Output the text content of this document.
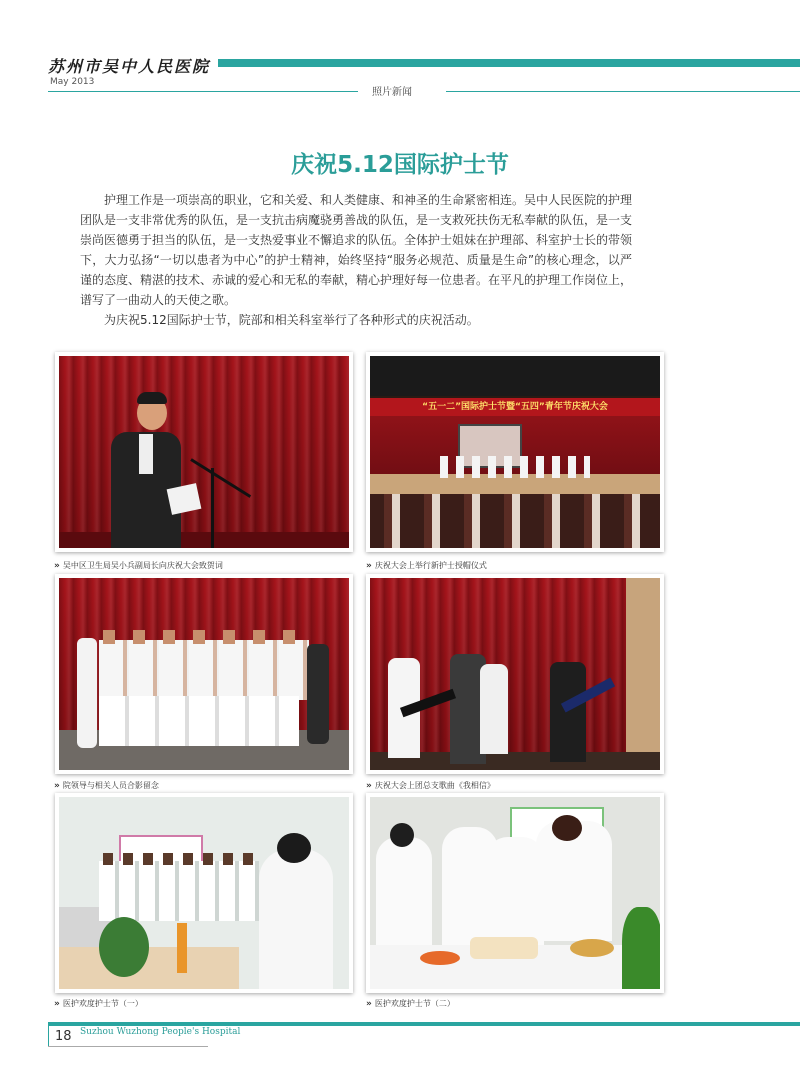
苏州市吴中人民医院
May 2013
照片新闻
庆祝5.12国际护士节

护理工作是一项崇高的职业，它和关爱、和人类健康、和神圣的生命紧密相连。吴中人民医院的护理团队是一支非常优秀的队伍，是一支抗击病魔骁勇善战的队伍，是一支救死扶伤无私奉献的队伍，是一支崇尚医德勇于担当的队伍，是一支热爱事业不懈追求的队伍。全体护士姐妹在护理部、科室护士长的带领下，大力弘扬“一切以患者为中心”的护士精神，始终坚持“服务必规范、质量是生命”的核心理念，以严谨的态度、精湛的技术、赤诚的爱心和无私的奉献，精心护理好每一位患者。在平凡的护理工作岗位上，谱写了一曲动人的天使之歌。

为庆祝5.12国际护士节，院部和相关科室举行了各种形式的庆祝活动。

» 吴中区卫生局吴小兵副局长向庆祝大会致贺词
“五一二”国际护士节暨“五四”青年节庆祝大会
» 庆祝大会上举行新护士授帽仪式
» 院领导与相关人员合影留念	» 庆祝大会上团总支歌曲《我相信》
» 医护欢度护士节（一）	» 医护欢度护士节（二）
18 Suzhou Wuzhong People's Hospital
